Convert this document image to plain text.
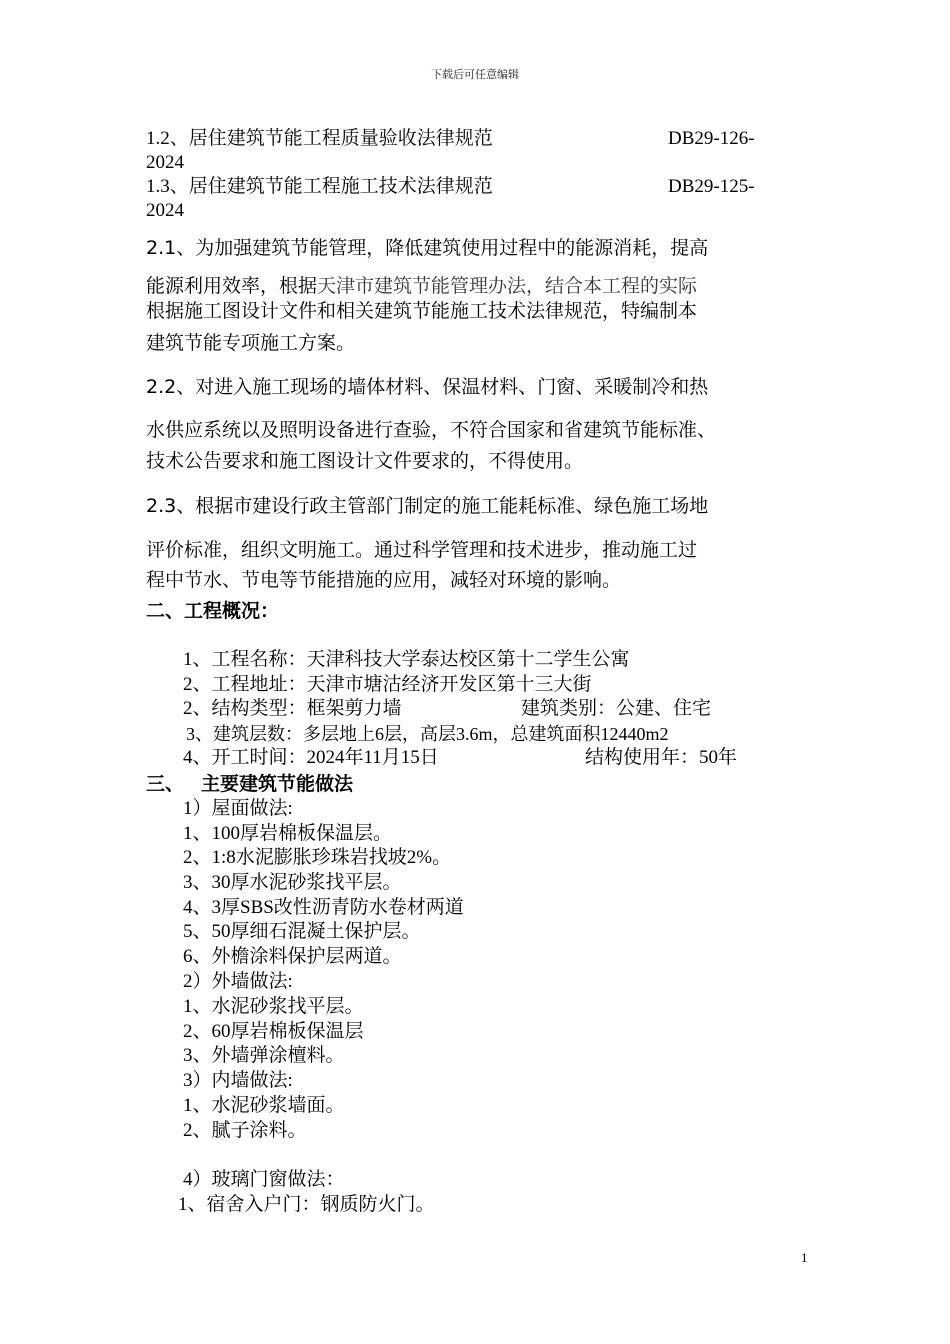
下载后可任意编辑
1.2、居住建筑节能工程质量验收法律规范	DB29-126-
2024
1.3、居住建筑节能工程施工技术法律规范	DB29-125-
2024
2.1、为加强建筑节能管理，降低建筑使用过程中的能源消耗，提高
能源利用效率，根据天津市建筑节能管理办法，结合本工程的实际
根据施工图设计文件和相关建筑节能施工技术法律规范，特编制本
建筑节能专项施工方案。
2.2、对进入施工现场的墙体材料、保温材料、门窗、采暖制冷和热
水供应系统以及照明设备进行查验，不符合国家和省建筑节能标准、
技术公告要求和施工图设计文件要求的，不得使用。
2.3、根据市建设行政主管部门制定的施工能耗标准、绿色施工场地
评价标准，组织文明施工。通过科学管理和技术进步，推动施工过
程中节水、节电等节能措施的应用，减轻对环境的影响。
二、工程概况：
1、工程名称：天津科技大学泰达校区第十二学生公寓
2、工程地址：天津市塘沽经济开发区第十三大街
2、结构类型：框架剪力墙	建筑类别：公建、住宅
3、建筑层数：多层地上6层，高层3.6m，总建筑面积12440m2
4、开工时间：2024年11月15日	结构使用年：50年
三、 主要建筑节能做法
1）屋面做法:
1、100厚岩棉板保温层。
2、1:8水泥膨胀珍珠岩找坡2%。
3、30厚水泥砂浆找平层。
4、3厚SBS改性沥青防水卷材两道
5、50厚细石混凝土保护层。
6、外檐涂料保护层两道。
2）外墙做法:
1、水泥砂浆找平层。
2、60厚岩棉板保温层
3、外墙弹涂檀料。
3）内墙做法:
1、水泥砂浆墙面。
2、腻子涂料。
4）玻璃门窗做法：
1、宿舍入户门：钢质防火门。
1
